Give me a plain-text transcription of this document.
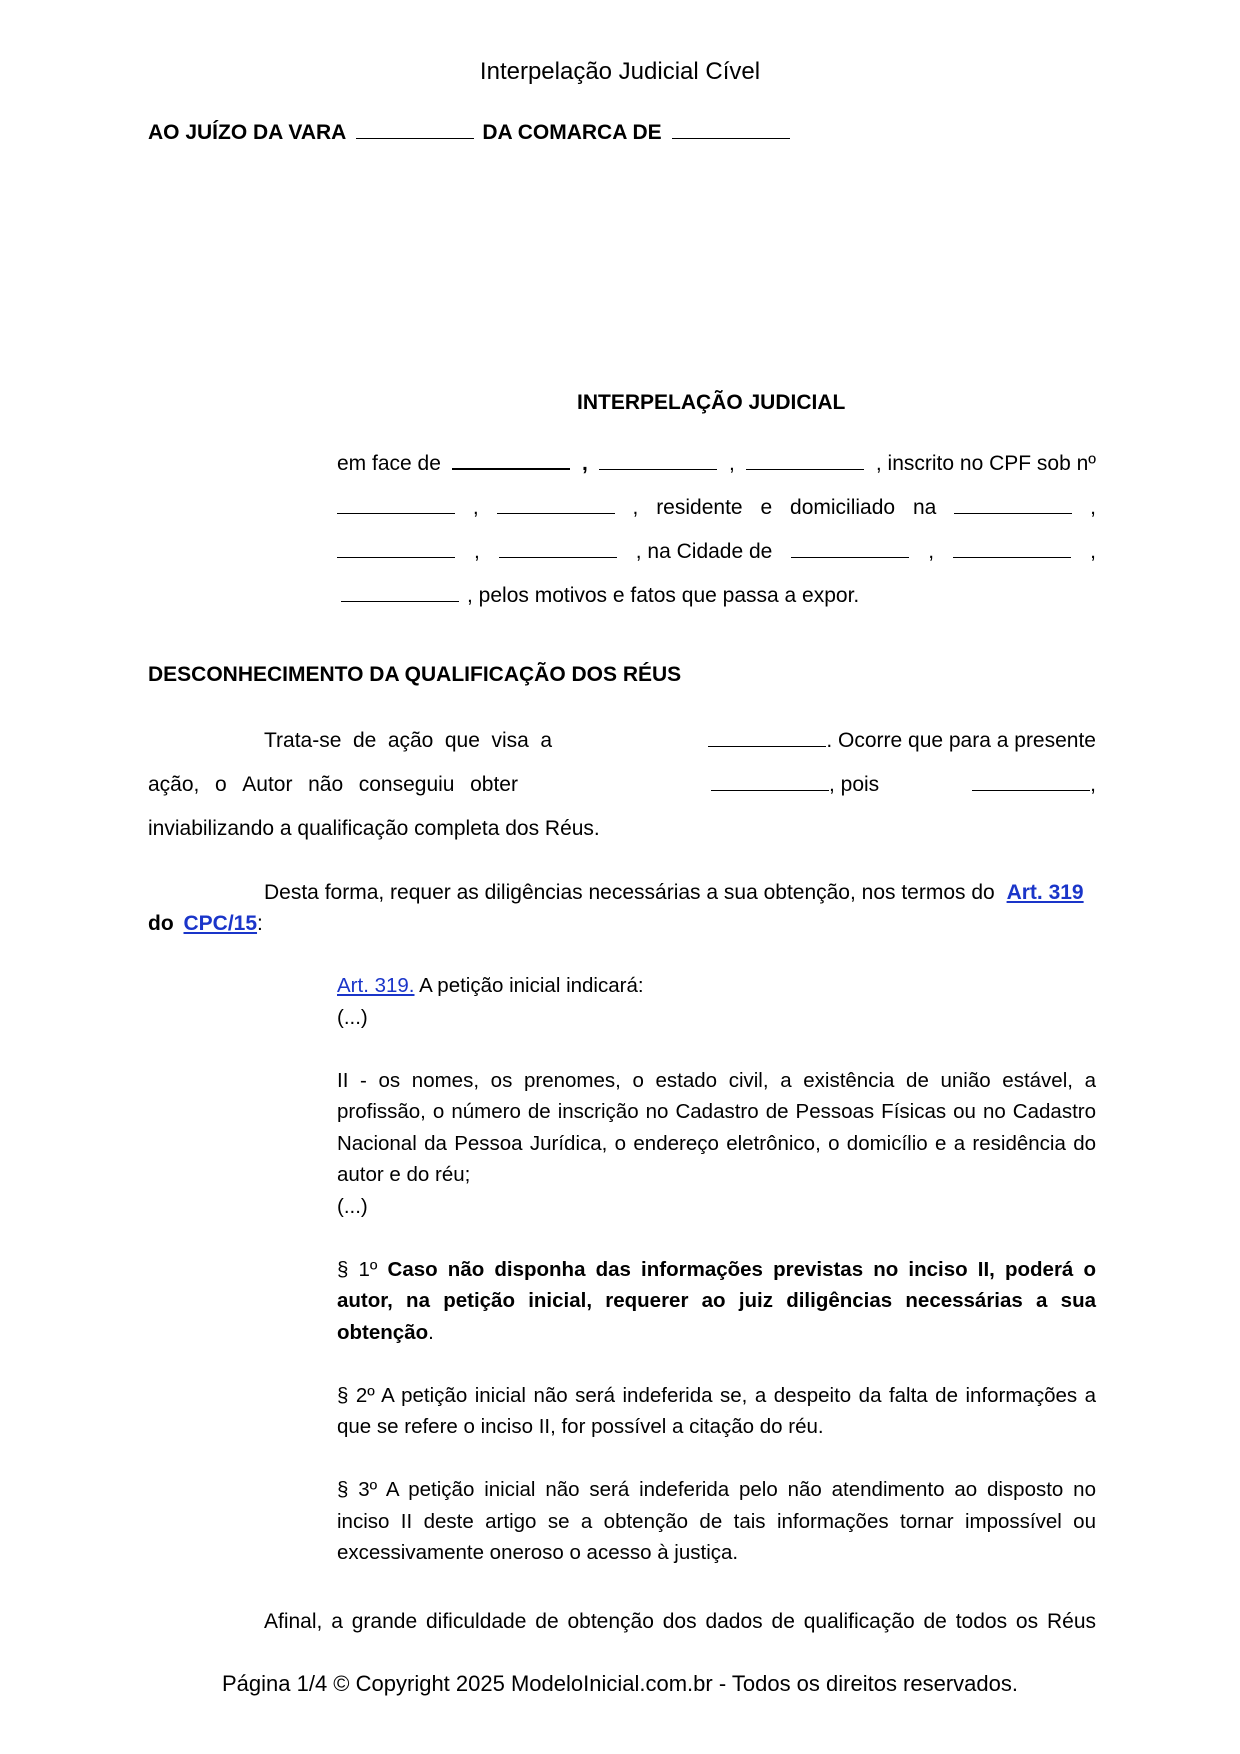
Interpelação Judicial Cível
AO JUÍZO DA VARA	DA COMARCA DE
INTERPELAÇÃO JUDICIAL
em face de	,	,	, inscrito no CPF sob nº
,	, residente e domiciliado na	,
,	, na Cidade de	,	,
, pelos motivos e fatos que passa a expor.
DESCONHECIMENTO DA QUALIFICAÇÃO DOS RÉUS
Trata-se de ação que visa a	. Ocorre que para a presente
ação, o Autor não conseguiu obter	, pois	,
inviabilizando a qualificação completa dos Réus.
Desta forma, requer as diligências necessárias a sua obtenção, nos termos do Art. 319
do CPC/15:

Art. 319. A petição inicial indicará:

(...)

II - os nomes, os prenomes, o estado civil, a existência de união estável, a profissão, o número de inscrição no Cadastro de Pessoas Físicas ou no Cadastro Nacional da Pessoa Jurídica, o endereço eletrônico, o domicílio e a residência do autor e do réu;

(...)

§ 1º Caso não disponha das informações previstas no inciso II, poderá o autor, na petição inicial, requerer ao juiz diligências necessárias a sua obtenção.

§ 2º A petição inicial não será indeferida se, a despeito da falta de informações a que se refere o inciso II, for possível a citação do réu.

§ 3º A petição inicial não será indeferida pelo não atendimento ao disposto no inciso II deste artigo se a obtenção de tais informações tornar impossível ou excessivamente oneroso o acesso à justiça.

Afinal, a grande dificuldade de obtenção dos dados de qualificação de todos os Réus
Página 1/4 © Copyright 2025 ModeloInicial.com.br - Todos os direitos reservados.
